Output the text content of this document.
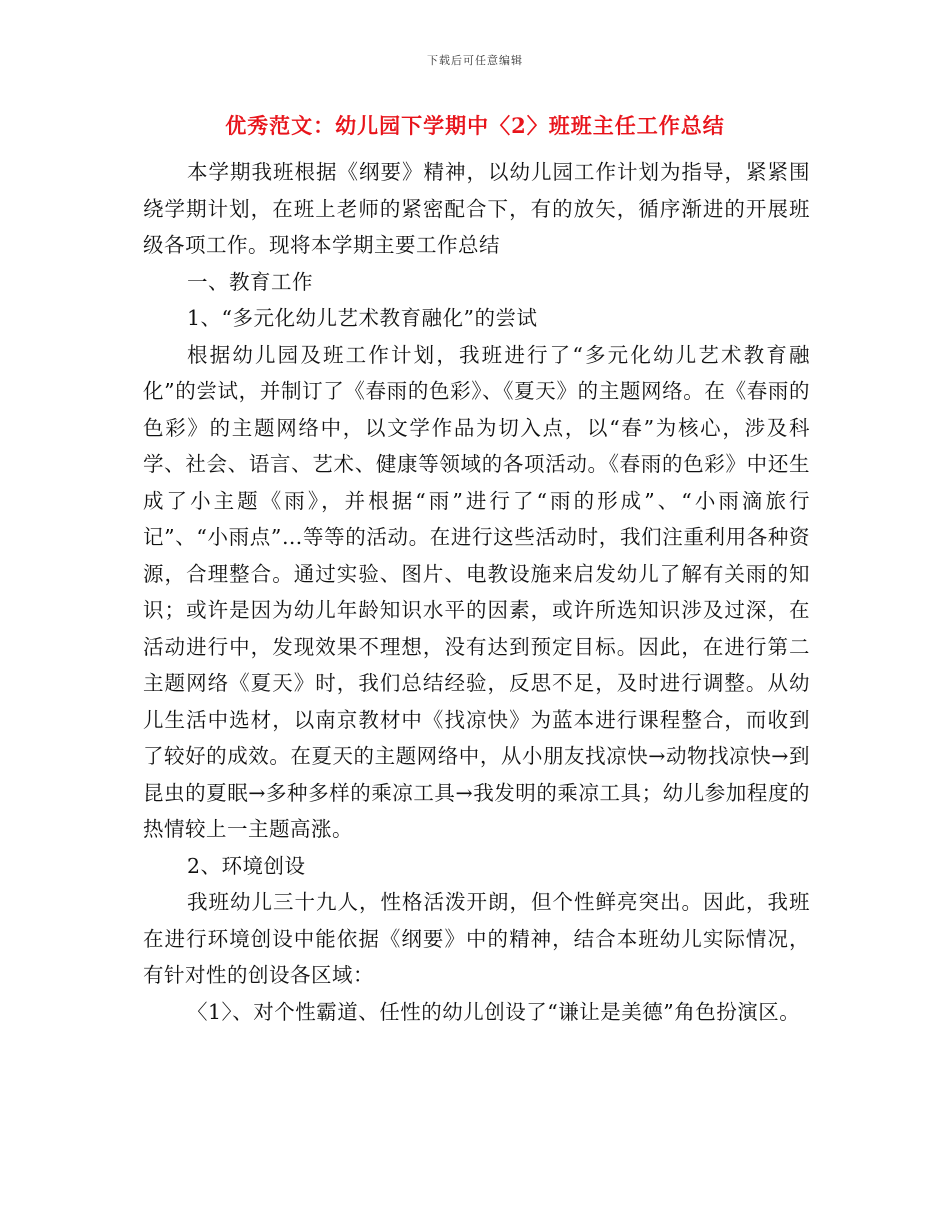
下载后可任意编辑
优秀范文：幼儿园下学期中〈2〉班班主任工作总结

本学期我班根据《纲要》精神，以幼儿园工作计划为指导，紧紧围绕学期计划，在班上老师的紧密配合下，有的放矢，循序渐进的开展班级各项工作。现将本学期主要工作总结

一、教育工作

1、“多元化幼儿艺术教育融化”的尝试

根据幼儿园及班工作计划，我班进行了“多元化幼儿艺术教育融化”的尝试，并制订了《春雨的色彩》、《夏天》的主题网络。在《春雨的色彩》的主题网络中，以文学作品为切入点，以“春”为核心，涉及科学、社会、语言、艺术、健康等领域的各项活动。《春雨的色彩》中还生成了小主题《雨》，并根据“雨”进行了“雨的形成”、“小雨滴旅行记”、“小雨点”…等等的活动。在进行这些活动时，我们注重利用各种资源，合理整合。通过实验、图片、电教设施来启发幼儿了解有关雨的知识；或许是因为幼儿年龄知识水平的因素，或许所选知识涉及过深，在活动进行中，发现效果不理想，没有达到预定目标。因此，在进行第二主题网络《夏天》时，我们总结经验，反思不足，及时进行调整。从幼儿生活中选材，以南京教材中《找凉快》为蓝本进行课程整合，而收到了较好的成效。在夏天的主题网络中，从小朋友找凉快→动物找凉快→到昆虫的夏眠→多种多样的乘凉工具→我发明的乘凉工具；幼儿参加程度的热情较上一主题高涨。

2、环境创设

我班幼儿三十九人，性格活泼开朗，但个性鲜亮突出。因此，我班在进行环境创设中能依据《纲要》中的精神，结合本班幼儿实际情况，有针对性的创设各区域：

〈1〉、对个性霸道、任性的幼儿创设了“谦让是美德”角色扮演区。
